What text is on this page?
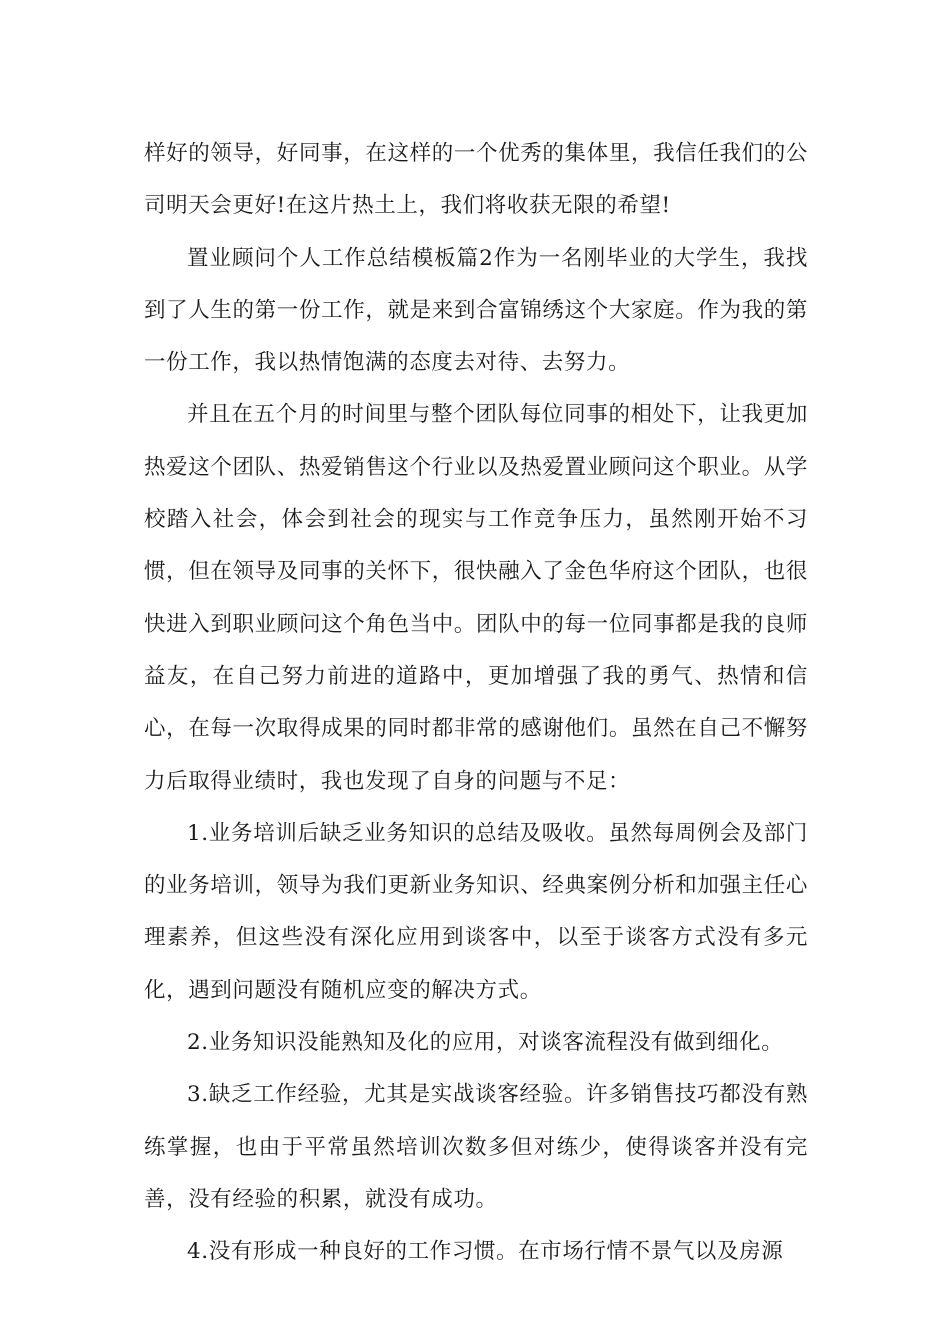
样好的领导，好同事，在这样的一个优秀的集体里，我信任我们的公司明天会更好!在这片热土上，我们将收获无限的希望!

置业顾问个人工作总结模板篇2作为一名刚毕业的大学生，我找到了人生的第一份工作，就是来到合富锦绣这个大家庭。作为我的第一份工作，我以热情饱满的态度去对待、去努力。

并且在五个月的时间里与整个团队每位同事的相处下，让我更加热爱这个团队、热爱销售这个行业以及热爱置业顾问这个职业。从学校踏入社会，体会到社会的现实与工作竞争压力，虽然刚开始不习惯，但在领导及同事的关怀下，很快融入了金色华府这个团队，也很快进入到职业顾问这个角色当中。团队中的每一位同事都是我的良师益友，在自己努力前进的道路中，更加增强了我的勇气、热情和信心，在每一次取得成果的同时都非常的感谢他们。虽然在自己不懈努力后取得业绩时，我也发现了自身的问题与不足：

1.业务培训后缺乏业务知识的总结及吸收。虽然每周例会及部门的业务培训，领导为我们更新业务知识、经典案例分析和加强主任心理素养，但这些没有深化应用到谈客中，以至于谈客方式没有多元化，遇到问题没有随机应变的解决方式。

2.业务知识没能熟知及化的应用，对谈客流程没有做到细化。

3.缺乏工作经验，尤其是实战谈客经验。许多销售技巧都没有熟练掌握，也由于平常虽然培训次数多但对练少，使得谈客并没有完善，没有经验的积累，就没有成功。

4.没有形成一种良好的工作习惯。在市场行情不景气以及房源
